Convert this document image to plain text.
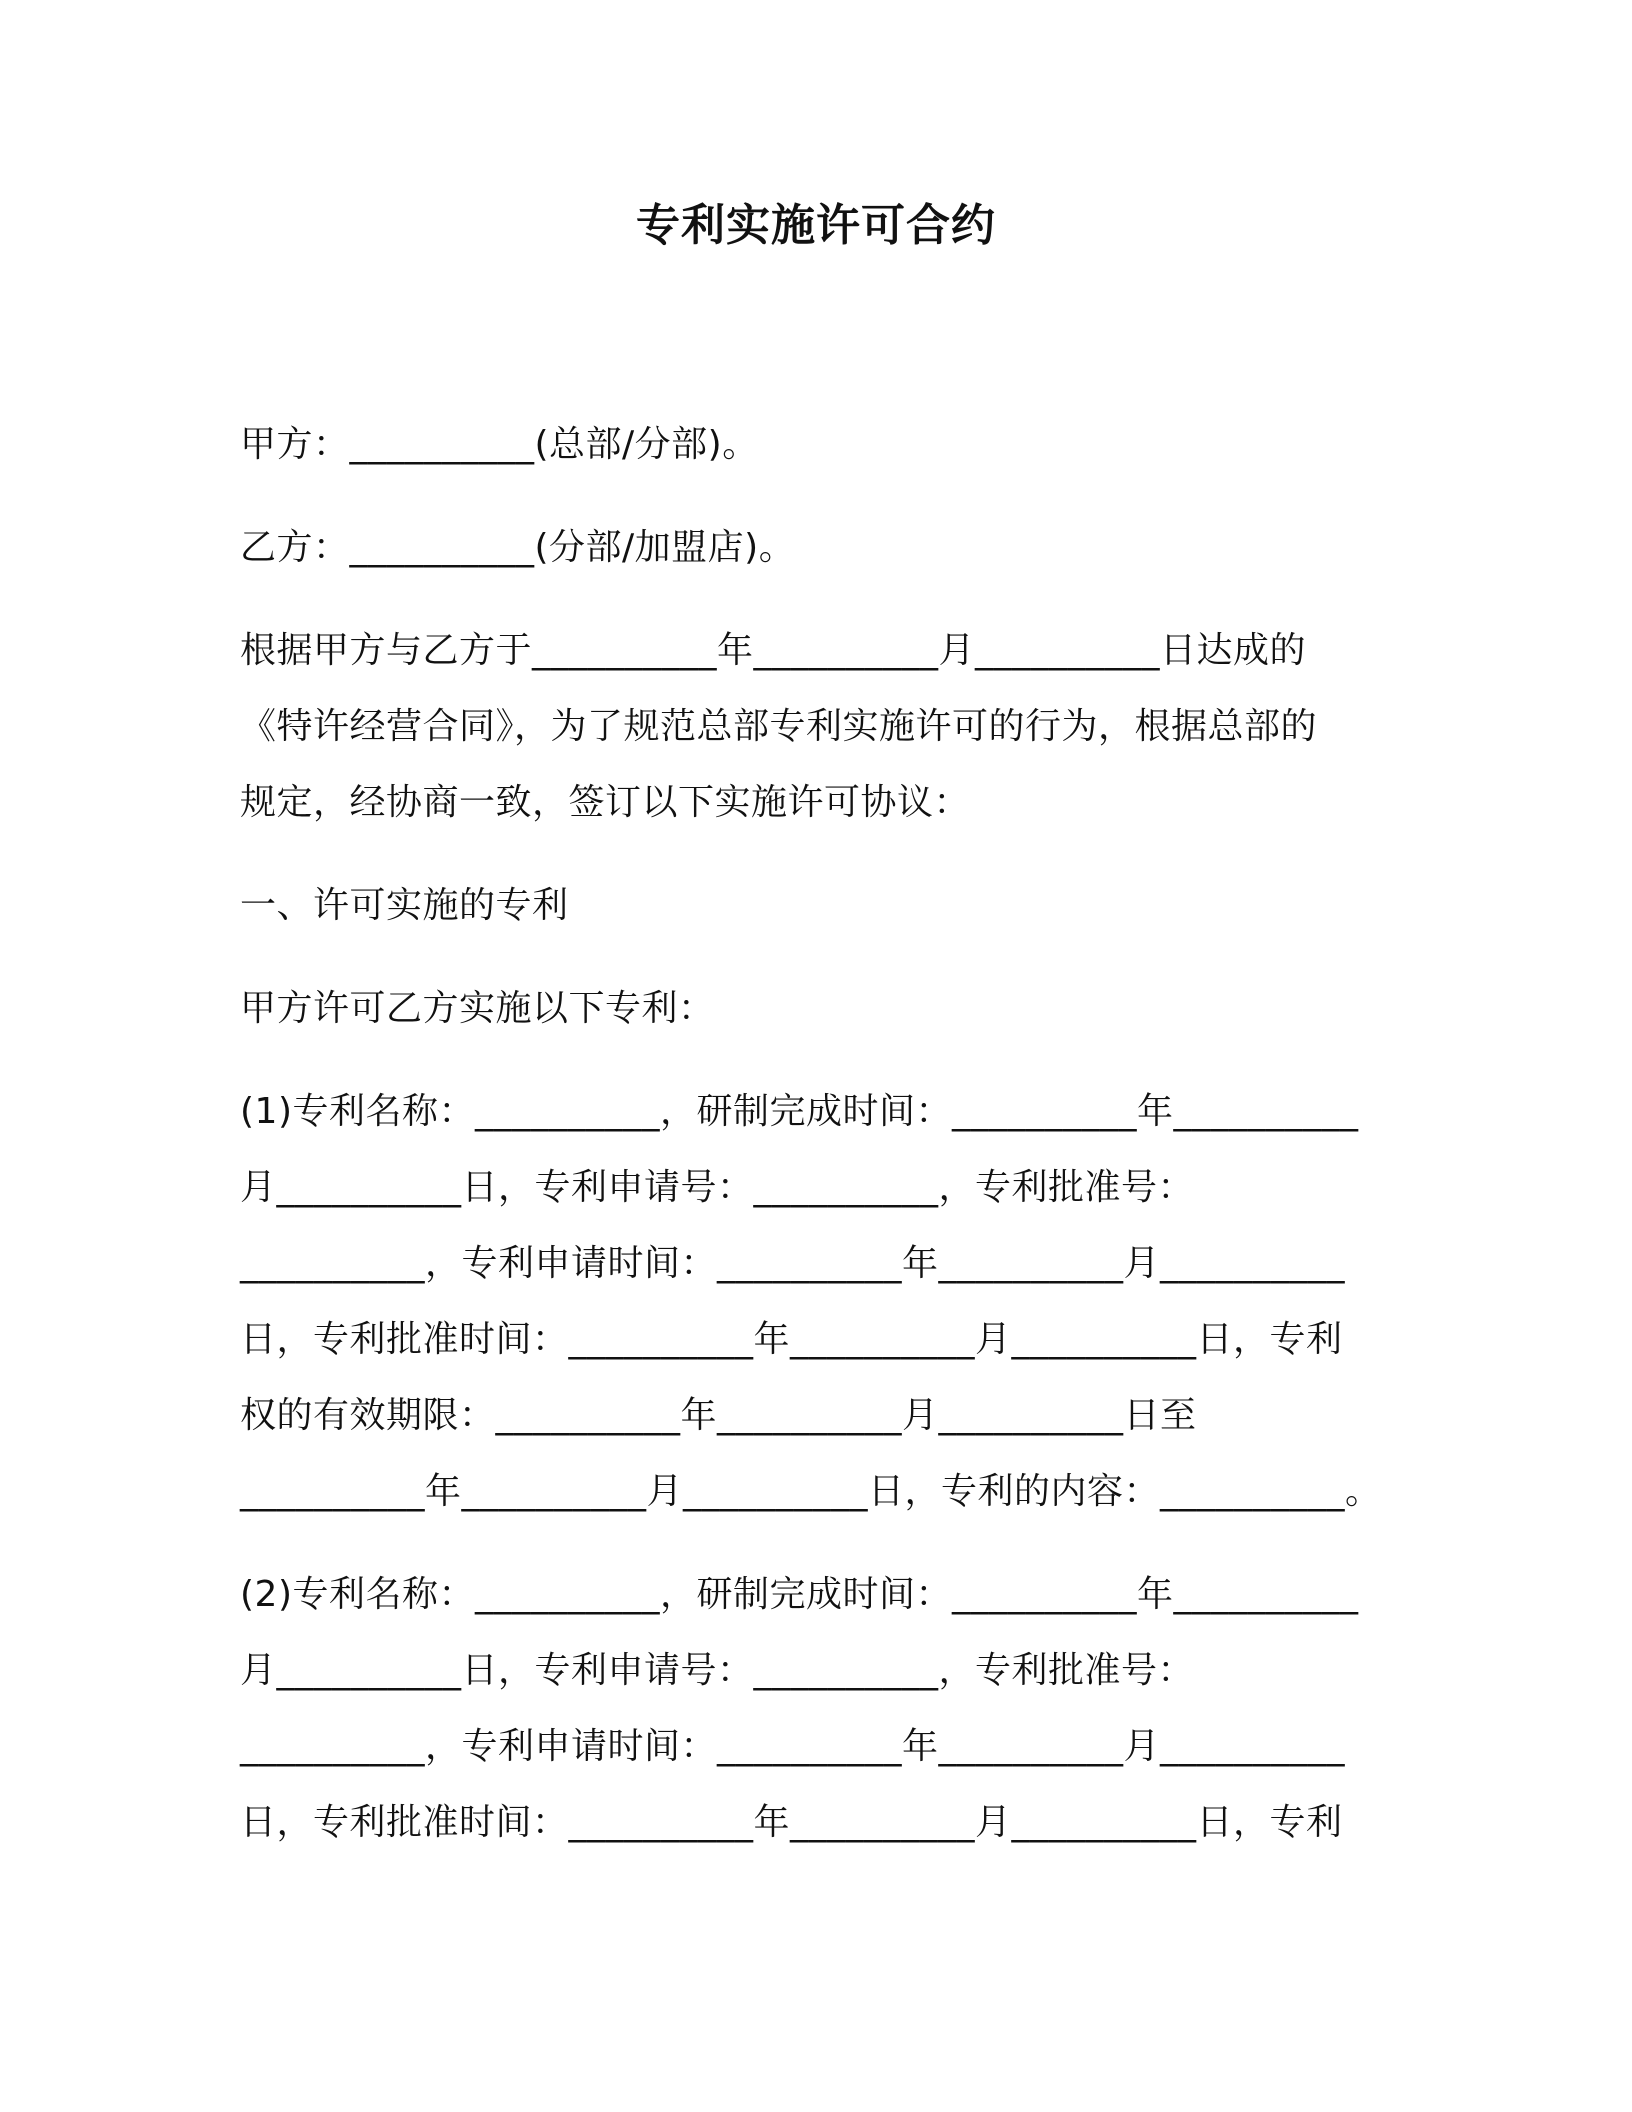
专利实施许可合约
甲方：__________(总部/分部)。
乙方：__________(分部/加盟店)。
根据甲方与乙方于__________年__________月__________日达成的
《特许经营合同》，为了规范总部专利实施许可的行为，根据总部的
规定，经协商一致，签订以下实施许可协议：
一、许可实施的专利
甲方许可乙方实施以下专利：
(1)专利名称：__________，研制完成时间：__________年__________
月__________日，专利申请号：__________，专利批准号：
__________，专利申请时间：__________年__________月__________
日，专利批准时间：__________年__________月__________日，专利
权的有效期限：__________年__________月__________日至
__________年__________月__________日，专利的内容：__________。
(2)专利名称：__________，研制完成时间：__________年__________
月__________日，专利申请号：__________，专利批准号：
__________，专利申请时间：__________年__________月__________
日，专利批准时间：__________年__________月__________日，专利
